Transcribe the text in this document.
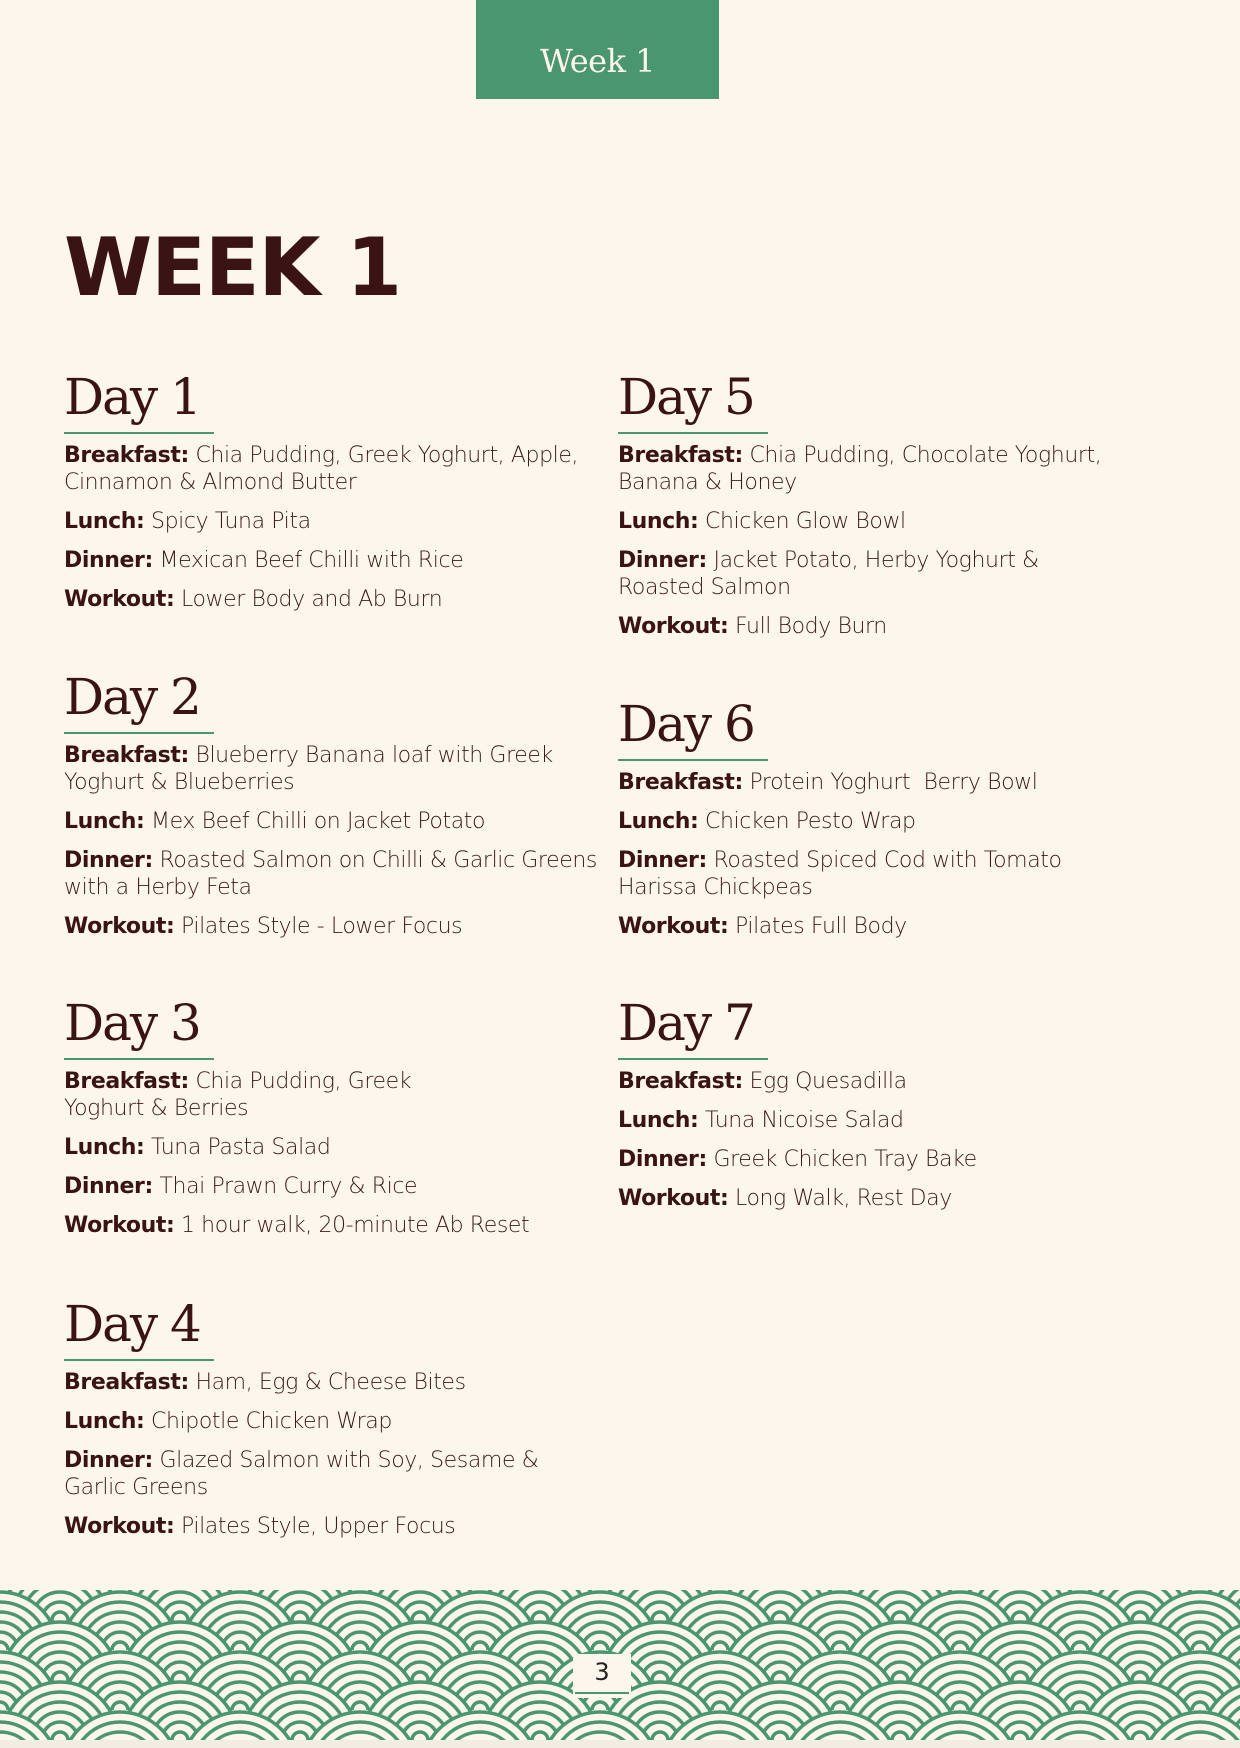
Week 1
WEEK 1
Day 1
Breakfast: Chia Pudding, Greek Yoghurt, Apple, Cinnamon & Almond Butter
Lunch: Spicy Tuna Pita
Dinner: Mexican Beef Chilli with Rice
Workout: Lower Body and Ab Burn
Day 2
Breakfast: Blueberry Banana loaf with Greek Yoghurt & Blueberries
Lunch: Mex Beef Chilli on Jacket Potato
Dinner: Roasted Salmon on Chilli & Garlic Greens with a Herby Feta
Workout: Pilates Style - Lower Focus
Day 3
Breakfast: Chia Pudding, Greek Yoghurt & Berries
Lunch: Tuna Pasta Salad
Dinner: Thai Prawn Curry & Rice
Workout: 1 hour walk, 20-minute Ab Reset
Day 4
Breakfast: Ham, Egg & Cheese Bites
Lunch: Chipotle Chicken Wrap
Dinner: Glazed Salmon with Soy, Sesame & Garlic Greens
Workout: Pilates Style, Upper Focus
Day 5
Breakfast: Chia Pudding, Chocolate Yoghurt, Banana & Honey
Lunch: Chicken Glow Bowl
Dinner: Jacket Potato, Herby Yoghurt & Roasted Salmon
Workout: Full Body Burn
Day 6
Breakfast: Protein Yoghurt  Berry Bowl
Lunch: Chicken Pesto Wrap
Dinner: Roasted Spiced Cod with Tomato Harissa Chickpeas
Workout: Pilates Full Body
Day 7
Breakfast: Egg Quesadilla
Lunch: Tuna Nicoise Salad
Dinner: Greek Chicken Tray Bake
Workout: Long Walk, Rest Day
3
